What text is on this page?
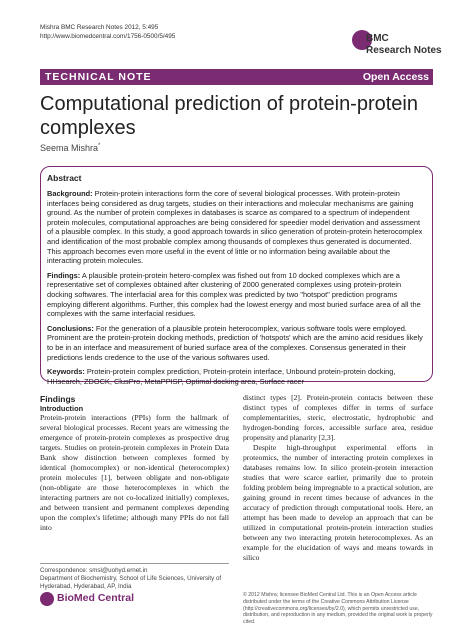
Mishra BMC Research Notes 2012, 5:495
http://www.biomedcentral.com/1756-0500/5/495	BMC
Research Notes
TECHNICAL NOTE	Open Access
Computational prediction of protein-protein complexes
Seema Mishra*
Abstract

Background: Protein-protein interactions form the core of several biological processes. With protein-protein interfaces being considered as drug targets, studies on their interactions and molecular mechanisms are gaining ground. As the number of protein complexes in databases is scarce as compared to a spectrum of independent protein molecules, computational approaches are being considered for speedier model derivation and assessment of a plausible complex. In this study, a good approach towards in silico generation of protein-protein heterocomplex and identification of the most probable complex among thousands of complexes thus generated is documented. This approach becomes even more useful in the event of little or no information being available about the interacting protein molecules.

Findings: A plausible protein-protein hetero-complex was fished out from 10 docked complexes which are a representative set of complexes obtained after clustering of 2000 generated complexes using protein-protein docking softwares. The interfacial area for this complex was predicted by two "hotspot" prediction programs employing different algorithms. Further, this complex had the lowest energy and most buried surface area of all the complexes with the same interfacial residues.

Conclusions: For the generation of a plausible protein heterocomplex, various software tools were employed. Prominent are the protein-protein docking methods, prediction of 'hotspots' which are the amino acid residues likely to be in an interface and measurement of buried surface area of the complexes. Consensus generated in their predictions lends credence to the use of the various softwares used.

Keywords: Protein-protein complex prediction, Protein-protein interface, Unbound protein-protein docking, HHsearch, ZDOCK, ClusPro, MetaPPISP, Optimal docking area, Surface racer

Findings
Introduction

Protein-protein interactions (PPIs) form the hallmark of several biological processes. Recent years are witnessing the emergence of protein-protein complexes as prospective drug targets. Studies on protein-protein complexes in Protein Data Bank show distinction between complexes formed by identical (homocomplex) or non-identical (heterocomplex) protein molecules [1], between obligate and non-obligate (non-obligate are those heterocomplexes in which the interacting partners are not co-localized initially) complexes, and between transient and permanent complexes depending upon the complex's lifetime; although many PPIs do not fall into

distinct types [2]. Protein-protein contacts between these distinct types of complexes differ in terms of surface complementarities, steric, electrostatic, hydrophobic and hydrogen-bonding forces, accessible surface area, residue propensity and planarity [2,3].

Despite high-throughput experimental efforts in proteomics, the number of interacting protein complexes in databases remains low. In silico protein-protein interaction studies that were scarce earlier, primarily due to protein folding problem being impregnable to a practical solution, are gaining ground in recent times because of advances in the accuracy of prediction through computational tools. Here, an attempt has been made to develop an approach that can be utilized in computational protein-protein interaction studies between any two interacting protein heterocomplexes. As an example for the elucidation of ways and means towards in silico

Correspondence: smsl@uohyd.ernet.in
Department of Biochemistry, School of Life Sciences, University of Hyderabad, Hyderabad, AP, India
BioMed Central	© 2012 Mishra; licensee BioMed Central Ltd. This is an Open Access article distributed under the terms of the Creative Commons Attribution License (http://creativecommons.org/licenses/by/2.0), which permits unrestricted use, distribution, and reproduction in any medium, provided the original work is properly cited.
